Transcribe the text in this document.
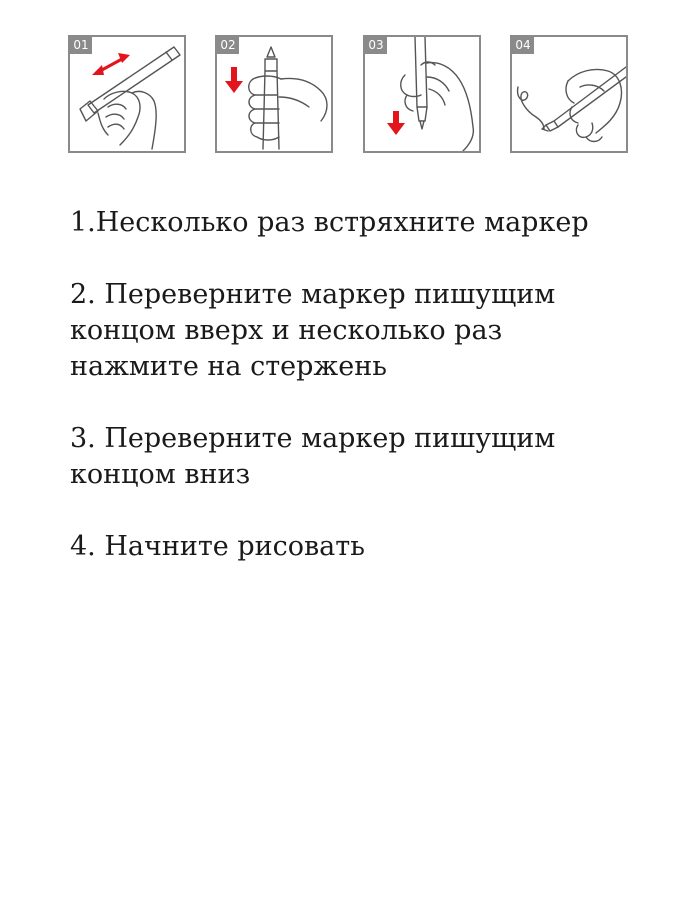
01	02	03	04

1.Несколько раз встряхните маркер

2. Переверните маркер пишущим
концом вверх и несколько раз
нажмите на стержень

3. Переверните маркер пишущим
концом вниз

4. Начните рисовать
